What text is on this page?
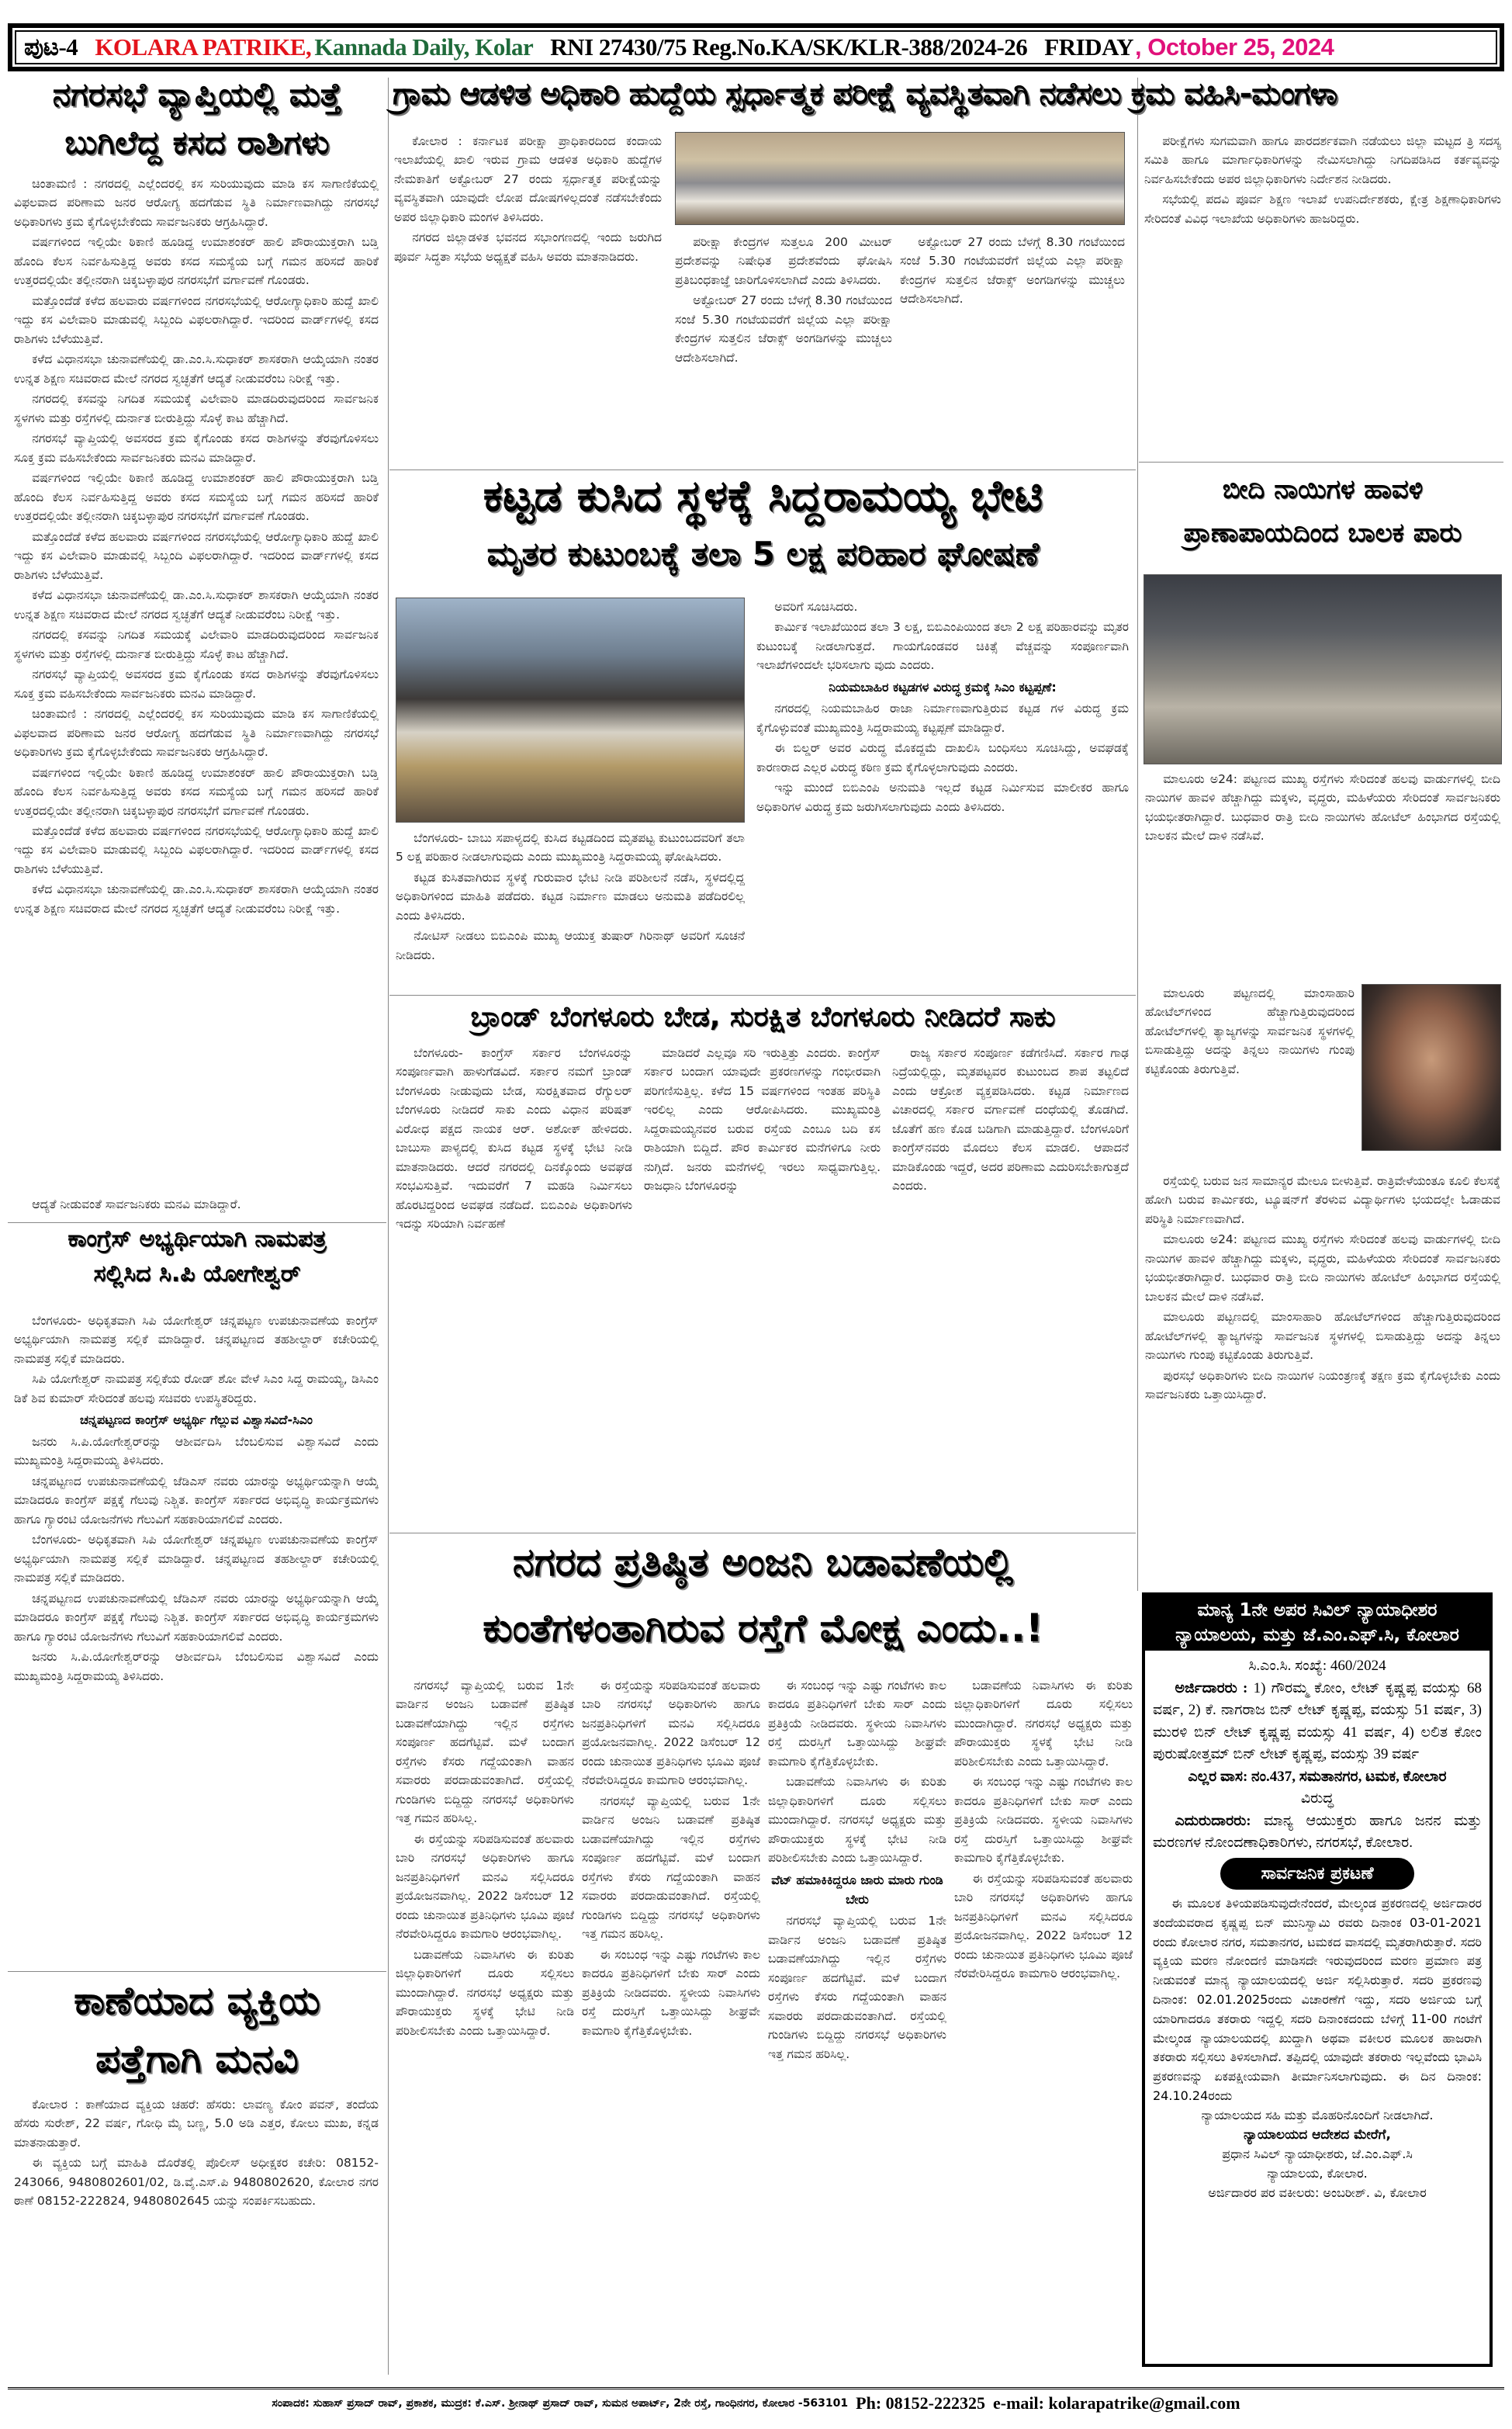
ಪುಟ-4 KOLARA PATRIKE, Kannada Daily, Kolar RNI 27430/75 Reg.No.KA/SK/KLR-388/2024-26 FRIDAY , October 25, 2024
ನಗರಸಭೆ ವ್ಯಾಪ್ತಿಯಲ್ಲಿ ಮತ್ತೆ
ಬುಗಿಲೆದ್ದ ಕಸದ ರಾಶಿಗಳು

ಚಿಂತಾಮಣಿ : ನಗರದಲ್ಲಿ ಎಲ್ಲೆಂದರಲ್ಲಿ ಕಸ ಸುರಿಯುವುದು ಮಾಡಿ ಕಸ ಸಾಗಾಣಿಕೆಯಲ್ಲಿ ವಿಫಲವಾದ ಪರಿಣಾಮ ಜನರ ಆರೋಗ್ಯ ಹದಗೆಡುವ ಸ್ಥಿತಿ ನಿರ್ಮಾಣವಾಗಿದ್ದು ನಗರಸಭೆ ಅಧಿಕಾರಿಗಳು ಕ್ರಮ ಕೈಗೊಳ್ಳಬೇಕೆಂದು ಸಾರ್ವಜನಿಕರು ಆಗ್ರಹಿಸಿದ್ದಾರೆ.

ವರ್ಷಗಳಿಂದ ಇಲ್ಲಿಯೇ ಠಿಕಾಣಿ ಹೂಡಿದ್ದ ಉಮಾಶಂಕರ್ ಹಾಲಿ ಪೌರಾಯುಕ್ತರಾಗಿ ಬಡ್ತಿ ಹೊಂದಿ ಕೆಲಸ ನಿರ್ವಹಿಸುತ್ತಿದ್ದ ಅವರು ಕಸದ ಸಮಸ್ಯೆಯ ಬಗ್ಗೆ ಗಮನ ಹರಿಸದೆ ಹಾರಿಕೆ ಉತ್ತರದಲ್ಲಿಯೇ ತಲ್ಲೀನರಾಗಿ ಚಿಕ್ಕಬಳ್ಳಾಪುರ ನಗರಸಭೆಗೆ ವರ್ಗಾವಣೆ ಗೊಂಡರು.

ಮತ್ತೊಂದೆಡೆ ಕಳೆದ ಹಲವಾರು ವರ್ಷಗಳಿಂದ ನಗರಸಭೆಯಲ್ಲಿ ಆರೋಗ್ಯಾಧಿಕಾರಿ ಹುದ್ದೆ ಖಾಲಿ ಇದ್ದು ಕಸ ವಿಲೇವಾರಿ ಮಾಡುವಲ್ಲಿ ಸಿಬ್ಬಂದಿ ವಿಫಲರಾಗಿದ್ದಾರೆ. ಇದರಿಂದ ವಾರ್ಡ್‌ಗಳಲ್ಲಿ ಕಸದ ರಾಶಿಗಳು ಬೆಳೆಯುತ್ತಿವೆ.

ಕಳೆದ ವಿಧಾನಸಭಾ ಚುನಾವಣೆಯಲ್ಲಿ ಡಾ.ಎಂ.ಸಿ.ಸುಧಾಕರ್ ಶಾಸಕರಾಗಿ ಆಯ್ಕೆಯಾಗಿ ನಂತರ ಉನ್ನತ ಶಿಕ್ಷಣ ಸಚಿವರಾದ ಮೇಲೆ ನಗರದ ಸ್ವಚ್ಛತೆಗೆ ಆದ್ಯತೆ ನೀಡುವರೆಂಬ ನಿರೀಕ್ಷೆ ಇತ್ತು.

ನಗರದಲ್ಲಿ ಕಸವನ್ನು ನಿಗದಿತ ಸಮಯಕ್ಕೆ ವಿಲೇವಾರಿ ಮಾಡದಿರುವುದರಿಂದ ಸಾರ್ವಜನಿಕ ಸ್ಥಳಗಳು ಮತ್ತು ರಸ್ತೆಗಳಲ್ಲಿ ದುರ್ನಾತ ಬೀರುತ್ತಿದ್ದು ಸೊಳ್ಳೆ ಕಾಟ ಹೆಚ್ಚಾಗಿದೆ.

ನಗರಸಭೆ ವ್ಯಾಪ್ತಿಯಲ್ಲಿ ಅವಸರದ ಕ್ರಮ ಕೈಗೊಂಡು ಕಸದ ರಾಶಿಗಳನ್ನು ತೆರವುಗೊಳಿಸಲು ಸೂಕ್ತ ಕ್ರಮ ವಹಿಸಬೇಕೆಂದು ಸಾರ್ವಜನಿಕರು ಮನವಿ ಮಾಡಿದ್ದಾರೆ.

ವರ್ಷಗಳಿಂದ ಇಲ್ಲಿಯೇ ಠಿಕಾಣಿ ಹೂಡಿದ್ದ ಉಮಾಶಂಕರ್ ಹಾಲಿ ಪೌರಾಯುಕ್ತರಾಗಿ ಬಡ್ತಿ ಹೊಂದಿ ಕೆಲಸ ನಿರ್ವಹಿಸುತ್ತಿದ್ದ ಅವರು ಕಸದ ಸಮಸ್ಯೆಯ ಬಗ್ಗೆ ಗಮನ ಹರಿಸದೆ ಹಾರಿಕೆ ಉತ್ತರದಲ್ಲಿಯೇ ತಲ್ಲೀನರಾಗಿ ಚಿಕ್ಕಬಳ್ಳಾಪುರ ನಗರಸಭೆಗೆ ವರ್ಗಾವಣೆ ಗೊಂಡರು.

ಮತ್ತೊಂದೆಡೆ ಕಳೆದ ಹಲವಾರು ವರ್ಷಗಳಿಂದ ನಗರಸಭೆಯಲ್ಲಿ ಆರೋಗ್ಯಾಧಿಕಾರಿ ಹುದ್ದೆ ಖಾಲಿ ಇದ್ದು ಕಸ ವಿಲೇವಾರಿ ಮಾಡುವಲ್ಲಿ ಸಿಬ್ಬಂದಿ ವಿಫಲರಾಗಿದ್ದಾರೆ. ಇದರಿಂದ ವಾರ್ಡ್‌ಗಳಲ್ಲಿ ಕಸದ ರಾಶಿಗಳು ಬೆಳೆಯುತ್ತಿವೆ.

ಕಳೆದ ವಿಧಾನಸಭಾ ಚುನಾವಣೆಯಲ್ಲಿ ಡಾ.ಎಂ.ಸಿ.ಸುಧಾಕರ್ ಶಾಸಕರಾಗಿ ಆಯ್ಕೆಯಾಗಿ ನಂತರ ಉನ್ನತ ಶಿಕ್ಷಣ ಸಚಿವರಾದ ಮೇಲೆ ನಗರದ ಸ್ವಚ್ಛತೆಗೆ ಆದ್ಯತೆ ನೀಡುವರೆಂಬ ನಿರೀಕ್ಷೆ ಇತ್ತು.

ನಗರದಲ್ಲಿ ಕಸವನ್ನು ನಿಗದಿತ ಸಮಯಕ್ಕೆ ವಿಲೇವಾರಿ ಮಾಡದಿರುವುದರಿಂದ ಸಾರ್ವಜನಿಕ ಸ್ಥಳಗಳು ಮತ್ತು ರಸ್ತೆಗಳಲ್ಲಿ ದುರ್ನಾತ ಬೀರುತ್ತಿದ್ದು ಸೊಳ್ಳೆ ಕಾಟ ಹೆಚ್ಚಾಗಿದೆ.

ನಗರಸಭೆ ವ್ಯಾಪ್ತಿಯಲ್ಲಿ ಅವಸರದ ಕ್ರಮ ಕೈಗೊಂಡು ಕಸದ ರಾಶಿಗಳನ್ನು ತೆರವುಗೊಳಿಸಲು ಸೂಕ್ತ ಕ್ರಮ ವಹಿಸಬೇಕೆಂದು ಸಾರ್ವಜನಿಕರು ಮನವಿ ಮಾಡಿದ್ದಾರೆ.

ಚಿಂತಾಮಣಿ : ನಗರದಲ್ಲಿ ಎಲ್ಲೆಂದರಲ್ಲಿ ಕಸ ಸುರಿಯುವುದು ಮಾಡಿ ಕಸ ಸಾಗಾಣಿಕೆಯಲ್ಲಿ ವಿಫಲವಾದ ಪರಿಣಾಮ ಜನರ ಆರೋಗ್ಯ ಹದಗೆಡುವ ಸ್ಥಿತಿ ನಿರ್ಮಾಣವಾಗಿದ್ದು ನಗರಸಭೆ ಅಧಿಕಾರಿಗಳು ಕ್ರಮ ಕೈಗೊಳ್ಳಬೇಕೆಂದು ಸಾರ್ವಜನಿಕರು ಆಗ್ರಹಿಸಿದ್ದಾರೆ.

ವರ್ಷಗಳಿಂದ ಇಲ್ಲಿಯೇ ಠಿಕಾಣಿ ಹೂಡಿದ್ದ ಉಮಾಶಂಕರ್ ಹಾಲಿ ಪೌರಾಯುಕ್ತರಾಗಿ ಬಡ್ತಿ ಹೊಂದಿ ಕೆಲಸ ನಿರ್ವಹಿಸುತ್ತಿದ್ದ ಅವರು ಕಸದ ಸಮಸ್ಯೆಯ ಬಗ್ಗೆ ಗಮನ ಹರಿಸದೆ ಹಾರಿಕೆ ಉತ್ತರದಲ್ಲಿಯೇ ತಲ್ಲೀನರಾಗಿ ಚಿಕ್ಕಬಳ್ಳಾಪುರ ನಗರಸಭೆಗೆ ವರ್ಗಾವಣೆ ಗೊಂಡರು.

ಮತ್ತೊಂದೆಡೆ ಕಳೆದ ಹಲವಾರು ವರ್ಷಗಳಿಂದ ನಗರಸಭೆಯಲ್ಲಿ ಆರೋಗ್ಯಾಧಿಕಾರಿ ಹುದ್ದೆ ಖಾಲಿ ಇದ್ದು ಕಸ ವಿಲೇವಾರಿ ಮಾಡುವಲ್ಲಿ ಸಿಬ್ಬಂದಿ ವಿಫಲರಾಗಿದ್ದಾರೆ. ಇದರಿಂದ ವಾರ್ಡ್‌ಗಳಲ್ಲಿ ಕಸದ ರಾಶಿಗಳು ಬೆಳೆಯುತ್ತಿವೆ.

ಕಳೆದ ವಿಧಾನಸಭಾ ಚುನಾವಣೆಯಲ್ಲಿ ಡಾ.ಎಂ.ಸಿ.ಸುಧಾಕರ್ ಶಾಸಕರಾಗಿ ಆಯ್ಕೆಯಾಗಿ ನಂತರ ಉನ್ನತ ಶಿಕ್ಷಣ ಸಚಿವರಾದ ಮೇಲೆ ನಗರದ ಸ್ವಚ್ಛತೆಗೆ ಆದ್ಯತೆ ನೀಡುವರೆಂಬ ನಿರೀಕ್ಷೆ ಇತ್ತು.

ಆದ್ಯತೆ ನೀಡುವಂತೆ ಸಾರ್ವಜನಿಕರು ಮನವಿ ಮಾಡಿದ್ದಾರೆ.

ಕಾಂಗ್ರೆಸ್ ಅಭ್ಯರ್ಥಿಯಾಗಿ ನಾಮಪತ್ರ
ಸಲ್ಲಿಸಿದ ಸಿ.ಪಿ ಯೋಗೇಶ್ವರ್

ಬೆಂಗಳೂರು- ಅಧಿಕೃತವಾಗಿ ಸಿಪಿ ಯೋಗೇಶ್ವರ್ ಚನ್ನಪಟ್ಟಣ ಉಪಚುನಾವಣೆಯ ಕಾಂಗ್ರೆಸ್ ಅಭ್ಯರ್ಥಿಯಾಗಿ ನಾಮಪತ್ರ ಸಲ್ಲಿಕೆ ಮಾಡಿದ್ದಾರೆ. ಚನ್ನಪಟ್ಟಣದ ತಹಶೀಲ್ದಾರ್ ಕಚೇರಿಯಲ್ಲಿ ನಾಮಪತ್ರ ಸಲ್ಲಿಕೆ ಮಾಡಿದರು.

ಸಿಪಿ ಯೋಗೇಶ್ವರ್ ನಾಮಪತ್ರ ಸಲ್ಲಿಕೆಯ ರೋಡ್ ಶೋ ವೇಳೆ ಸಿಎಂ ಸಿದ್ದ ರಾಮಯ್ಯ, ಡಿಸಿಎಂ ಡಿಕೆ ಶಿವ ಕುಮಾರ್ ಸೇರಿದಂತೆ ಹಲವು ಸಚಿವರು ಉಪಸ್ಥಿತರಿದ್ದರು.

ಚನ್ನಪಟ್ಟಣದ ಕಾಂಗ್ರೆಸ್ ಅಭ್ಯರ್ಥಿ ಗೆಲ್ಲುವ ವಿಶ್ವಾಸವಿದೆ-ಸಿಎಂ

ಜನರು ಸಿ.ಪಿ.ಯೋಗೇಶ್ವರ್‌ರನ್ನು ಆಶೀರ್ವದಿಸಿ ಬೆಂಬಲಿಸುವ ವಿಶ್ವಾಸವಿದೆ ಎಂದು ಮುಖ್ಯಮಂತ್ರಿ ಸಿದ್ದರಾಮಯ್ಯ ತಿಳಿಸಿದರು.

ಚನ್ನಪಟ್ಟಣದ ಉಪಚುನಾವಣೆಯಲ್ಲಿ ಜೆಡಿಎಸ್ ನವರು ಯಾರನ್ನು ಅಭ್ಯರ್ಥಿಯನ್ನಾಗಿ ಆಯ್ಕೆ ಮಾಡಿದರೂ ಕಾಂಗ್ರೆಸ್ ಪಕ್ಷಕ್ಕೆ ಗೆಲುವು ನಿಶ್ಚಿತ. ಕಾಂಗ್ರೆಸ್ ಸರ್ಕಾರದ ಅಭಿವೃದ್ಧಿ ಕಾರ್ಯಕ್ರಮಗಳು ಹಾಗೂ ಗ್ಯಾರಂಟಿ ಯೋಜನೆಗಳು ಗೆಲುವಿಗೆ ಸಹಕಾರಿಯಾಗಲಿವೆ ಎಂದರು.

ಬೆಂಗಳೂರು- ಅಧಿಕೃತವಾಗಿ ಸಿಪಿ ಯೋಗೇಶ್ವರ್ ಚನ್ನಪಟ್ಟಣ ಉಪಚುನಾವಣೆಯ ಕಾಂಗ್ರೆಸ್ ಅಭ್ಯರ್ಥಿಯಾಗಿ ನಾಮಪತ್ರ ಸಲ್ಲಿಕೆ ಮಾಡಿದ್ದಾರೆ. ಚನ್ನಪಟ್ಟಣದ ತಹಶೀಲ್ದಾರ್ ಕಚೇರಿಯಲ್ಲಿ ನಾಮಪತ್ರ ಸಲ್ಲಿಕೆ ಮಾಡಿದರು.

ಚನ್ನಪಟ್ಟಣದ ಉಪಚುನಾವಣೆಯಲ್ಲಿ ಜೆಡಿಎಸ್ ನವರು ಯಾರನ್ನು ಅಭ್ಯರ್ಥಿಯನ್ನಾಗಿ ಆಯ್ಕೆ ಮಾಡಿದರೂ ಕಾಂಗ್ರೆಸ್ ಪಕ್ಷಕ್ಕೆ ಗೆಲುವು ನಿಶ್ಚಿತ. ಕಾಂಗ್ರೆಸ್ ಸರ್ಕಾರದ ಅಭಿವೃದ್ಧಿ ಕಾರ್ಯಕ್ರಮಗಳು ಹಾಗೂ ಗ್ಯಾರಂಟಿ ಯೋಜನೆಗಳು ಗೆಲುವಿಗೆ ಸಹಕಾರಿಯಾಗಲಿವೆ ಎಂದರು.

ಜನರು ಸಿ.ಪಿ.ಯೋಗೇಶ್ವರ್‌ರನ್ನು ಆಶೀರ್ವದಿಸಿ ಬೆಂಬಲಿಸುವ ವಿಶ್ವಾಸವಿದೆ ಎಂದು ಮುಖ್ಯಮಂತ್ರಿ ಸಿದ್ದರಾಮಯ್ಯ ತಿಳಿಸಿದರು.

ಕಾಣೆಯಾದ ವ್ಯಕ್ತಿಯ
ಪತ್ತೆಗಾಗಿ ಮನವಿ

ಕೋಲಾರ : ಕಾಣೆಯಾದ ವ್ಯಕ್ತಿಯ ಚಹರೆ: ಹೆಸರು: ಲಾವಣ್ಯ ಕೋಂ ಪವನ್, ತಂದೆಯ ಹೆಸರು ಸುರೇಶ್, 22 ವರ್ಷ, ಗೋಧಿ ಮೈ ಬಣ್ಣ, 5.0 ಅಡಿ ಎತ್ತರ, ಕೋಲು ಮುಖ, ಕನ್ನಡ ಮಾತನಾಡುತ್ತಾರೆ.

ಈ ವ್ಯಕ್ತಿಯ ಬಗ್ಗೆ ಮಾಹಿತಿ ದೊರೆತಲ್ಲಿ ಪೊಲೀಸ್ ಅಧೀಕ್ಷಕರ ಕಚೇರಿ: 08152-243066, 9480802601/02, ಡಿ.ವೈ.ಎಸ್.ಪಿ 9480802620, ಕೋಲಾರ ನಗರ ಠಾಣೆ 08152-222824, 9480802645 ಯನ್ನು ಸಂಪರ್ಕಿಸಬಹುದು.

ಗ್ರಾಮ ಆಡಳಿತ ಅಧಿಕಾರಿ ಹುದ್ದೆಯ ಸ್ಪರ್ಧಾತ್ಮಕ ಪರೀಕ್ಷೆ ವ್ಯವಸ್ಥಿತವಾಗಿ ನಡೆಸಲು ಕ್ರಮ ವಹಿಸಿ-ಮಂಗಳಾ

ಕೋಲಾರ : ಕರ್ನಾಟಕ ಪರೀಕ್ಷಾ ಪ್ರಾಧಿಕಾರದಿಂದ ಕಂದಾಯ ಇಲಾಖೆಯಲ್ಲಿ ಖಾಲಿ ಇರುವ ಗ್ರಾಮ ಆಡಳಿತ ಅಧಿಕಾರಿ ಹುದ್ದೆಗಳ ನೇಮಕಾತಿಗೆ ಅಕ್ಟೋಬರ್ 27 ರಂದು ಸ್ಪರ್ಧಾತ್ಮಕ ಪರೀಕ್ಷೆಯನ್ನು ವ್ಯವಸ್ಥಿತವಾಗಿ ಯಾವುದೇ ಲೋಪ ದೋಷಗಳಿಲ್ಲದಂತೆ ನಡೆಸಬೇಕೆಂದು ಅಪರ ಜಿಲ್ಲಾಧಿಕಾರಿ ಮಂಗಳ ತಿಳಿಸಿದರು.

ನಗರದ ಜಿಲ್ಲಾಡಳಿತ ಭವನದ ಸಭಾಂಗಣದಲ್ಲಿ ಇಂದು ಜರುಗಿದ ಪೂರ್ವ ಸಿದ್ಧತಾ ಸಭೆಯ ಅಧ್ಯಕ್ಷತೆ ವಹಿಸಿ ಅವರು ಮಾತನಾಡಿದರು.

ಪರೀಕ್ಷಾ ಕೇಂದ್ರಗಳ ಸುತ್ತಲೂ 200 ಮೀಟರ್ ಪ್ರದೇಶವನ್ನು ನಿಷೇಧಿತ ಪ್ರದೇಶವೆಂದು ಘೋಷಿಸಿ ಪ್ರತಿಬಂಧಕಾಜ್ಞೆ ಜಾರಿಗೊಳಿಸಲಾಗಿದೆ ಎಂದು ತಿಳಿಸಿದರು.

ಅಕ್ಟೋಬರ್ 27 ರಂದು ಬೆಳಗ್ಗೆ 8.30 ಗಂಟೆಯಿಂದ ಸಂಜೆ 5.30 ಗಂಟೆಯವರೆಗೆ ಜಿಲ್ಲೆಯ ಎಲ್ಲಾ ಪರೀಕ್ಷಾ ಕೇಂದ್ರಗಳ ಸುತ್ತಲಿನ ಜೆರಾಕ್ಸ್ ಅಂಗಡಿಗಳನ್ನು ಮುಚ್ಚಲು ಆದೇಶಿಸಲಾಗಿದೆ.

ಅಕ್ಟೋಬರ್ 27 ರಂದು ಬೆಳಗ್ಗೆ 8.30 ಗಂಟೆಯಿಂದ ಸಂಜೆ 5.30 ಗಂಟೆಯವರೆಗೆ ಜಿಲ್ಲೆಯ ಎಲ್ಲಾ ಪರೀಕ್ಷಾ ಕೇಂದ್ರಗಳ ಸುತ್ತಲಿನ ಜೆರಾಕ್ಸ್ ಅಂಗಡಿಗಳನ್ನು ಮುಚ್ಚಲು ಆದೇಶಿಸಲಾಗಿದೆ.

ಪರೀಕ್ಷೆಗಳು ಸುಗಮವಾಗಿ ಹಾಗೂ ಪಾರದರ್ಶಕವಾಗಿ ನಡೆಯಲು ಜಿಲ್ಲಾ ಮಟ್ಟದ ತ್ರಿ ಸದಸ್ಯ ಸಮಿತಿ ಹಾಗೂ ಮಾರ್ಗಾಧಿಕಾರಿಗಳನ್ನು ನೇಮಿಸಲಾಗಿದ್ದು ನಿಗದಿಪಡಿಸಿದ ಕರ್ತವ್ಯವನ್ನು ನಿರ್ವಹಿಸಬೇಕೆಂದು ಅಪರ ಜಿಲ್ಲಾಧಿಕಾರಿಗಳು ನಿರ್ದೇಶನ ನೀಡಿದರು.

ಸಭೆಯಲ್ಲಿ ಪದವಿ ಪೂರ್ವ ಶಿಕ್ಷಣ ಇಲಾಖೆ ಉಪನಿರ್ದೇಶಕರು, ಕ್ಷೇತ್ರ ಶಿಕ್ಷಣಾಧಿಕಾರಿಗಳು ಸೇರಿದಂತೆ ವಿವಿಧ ಇಲಾಖೆಯ ಅಧಿಕಾರಿಗಳು ಹಾಜರಿದ್ದರು.

ಕಟ್ಟಡ ಕುಸಿದ ಸ್ಥಳಕ್ಕೆ ಸಿದ್ದರಾಮಯ್ಯ ಭೇಟಿ
ಮೃತರ ಕುಟುಂಬಕ್ಕೆ ತಲಾ 5 ಲಕ್ಷ ಪರಿಹಾರ ಘೋಷಣೆ

ಬೆಂಗಳೂರು- ಬಾಬು ಸಪಾಳ್ಯದಲ್ಲಿ ಕುಸಿದ ಕಟ್ಟಡದಿಂದ ಮೃತಪಟ್ಟ ಕುಟುಂಬದವರಿಗೆ ತಲಾ 5 ಲಕ್ಷ ಪರಿಹಾರ ನೀಡಲಾಗುವುದು ಎಂದು ಮುಖ್ಯಮಂತ್ರಿ ಸಿದ್ದರಾಮಯ್ಯ ಘೋಷಿಸಿದರು.

ಕಟ್ಟಡ ಕುಸಿತವಾಗಿರುವ ಸ್ಥಳಕ್ಕೆ ಗುರುವಾರ ಭೇಟಿ ನೀಡಿ ಪರಿಶೀಲನೆ ನಡೆಸಿ, ಸ್ಥಳದಲ್ಲಿದ್ದ ಅಧಿಕಾರಿಗಳಿಂದ ಮಾಹಿತಿ ಪಡೆದರು. ಕಟ್ಟಡ ನಿರ್ಮಾಣ ಮಾಡಲು ಅನುಮತಿ ಪಡೆದಿರಲಿಲ್ಲ ಎಂದು ತಿಳಿಸಿದರು.

ನೋಟಿಸ್ ನೀಡಲು ಬಿಬಿಎಂಪಿ ಮುಖ್ಯ ಆಯುಕ್ತ ತುಷಾರ್ ಗಿರಿನಾಥ್ ಅವರಿಗೆ ಸೂಚನೆ ನೀಡಿದರು.

ಅವರಿಗೆ ಸೂಚಿಸಿದರು.

ಕಾರ್ಮಿಕ ಇಲಾಖೆಯಿಂದ ತಲಾ 3 ಲಕ್ಷ, ಬಿಬಿಎಂಪಿಯಿಂದ ತಲಾ 2 ಲಕ್ಷ ಪರಿಹಾರವನ್ನು ಮೃತರ ಕುಟುಂಬಕ್ಕೆ ನೀಡಲಾಗುತ್ತದೆ. ಗಾಯಗೊಂಡವರ ಚಿಕಿತ್ಸೆ ವೆಚ್ಚವನ್ನು ಸಂಪೂರ್ಣವಾಗಿ ಇಲಾಖೆಗಳಿಂದಲೇ ಭರಿಸಲಾಗು ವುದು ಎಂದರು.

ನಿಯಮಬಾಹಿರ ಕಟ್ಟಡಗಳ ವಿರುದ್ಧ ಕ್ರಮಕ್ಕೆ ಸಿಎಂ ಕಟ್ಟಪ್ಪಣೆ:

ನಗರದಲ್ಲಿ ನಿಯಮಬಾಹಿರ ರಾಜಾ ನಿರ್ಮಾಣವಾಗುತ್ತಿರುವ ಕಟ್ಟಡ ಗಳ ವಿರುದ್ಧ ಕ್ರಮ ಕೈಗೊಳ್ಳುವಂತೆ ಮುಖ್ಯಮಂತ್ರಿ ಸಿದ್ದರಾಮಯ್ಯ ಕಟ್ಟಪ್ಪಣೆ ಮಾಡಿದ್ದಾರೆ.

ಈ ಬಿಲ್ಡರ್ ಅವರ ವಿರುದ್ಧ ಮೊಕದ್ದಮೆ ದಾಖಲಿಸಿ ಬಂಧಿಸಲು ಸೂಚಿಸಿದ್ದು, ಅವಘಡಕ್ಕೆ ಕಾರಣರಾದ ಎಲ್ಲರ ವಿರುದ್ಧ ಕಠಿಣ ಕ್ರಮ ಕೈಗೊಳ್ಳಲಾಗುವುದು ಎಂದರು.

ಇನ್ನು ಮುಂದೆ ಬಿಬಿಎಂಪಿ ಅನುಮತಿ ಇಲ್ಲದೆ ಕಟ್ಟಡ ನಿರ್ಮಿಸುವ ಮಾಲೀಕರ ಹಾಗೂ ಅಧಿಕಾರಿಗಳ ವಿರುದ್ಧ ಕ್ರಮ ಜರುಗಿಸಲಾಗುವುದು ಎಂದು ತಿಳಿಸಿದರು.

ಬ್ರಾಂಡ್ ಬೆಂಗಳೂರು ಬೇಡ, ಸುರಕ್ಷಿತ ಬೆಂಗಳೂರು ನೀಡಿದರೆ ಸಾಕು

ಬೆಂಗಳೂರು- ಕಾಂಗ್ರೆಸ್ ಸರ್ಕಾರ ಬೆಂಗಳೂರನ್ನು ಸಂಪೂರ್ಣವಾಗಿ ಹಾಳುಗೆಡವಿದೆ. ಸರ್ಕಾರ ನಮಗೆ ಬ್ರಾಂಡ್ ಬೆಂಗಳೂರು ನೀಡುವುದು ಬೇಡ, ಸುರಕ್ಷಿತವಾದ ರೆಗ್ಯುಲರ್ ಬೆಂಗಳೂರು ನೀಡಿದರೆ ಸಾಕು ಎಂದು ವಿಧಾನ ಪರಿಷತ್ ವಿರೋಧ ಪಕ್ಷದ ನಾಯಕ ಆರ್. ಅಶೋಕ್ ಹೇಳಿದರು. ಬಾಬುಸಾ ಪಾಳ್ಯದಲ್ಲಿ ಕುಸಿದ ಕಟ್ಟಡ ಸ್ಥಳಕ್ಕೆ ಭೇಟಿ ನೀಡಿ ಮಾತನಾಡಿದರು. ಆದರೆ ನಗರದಲ್ಲಿ ದಿನಕ್ಕೊಂದು ಅವಘಡ ಸಂಭವಿಸುತ್ತಿವೆ. ಇದುವರೆಗೆ 7 ಮಹಡಿ ನಿರ್ಮಿಸಲು ಹೊರಟಿದ್ದರಿಂದ ಅವಘಡ ನಡೆದಿದೆ. ಬಿಬಿಎಂಪಿ ಅಧಿಕಾರಿಗಳು ಇದನ್ನು ಸರಿಯಾಗಿ ನಿರ್ವಹಣೆ

ಮಾಡಿದರೆ ಎಲ್ಲವೂ ಸರಿ ಇರುತ್ತಿತ್ತು ಎಂದರು. ಕಾಂಗ್ರೆಸ್ ಸರ್ಕಾರ ಬಂದಾಗ ಯಾವುದೇ ಪ್ರಕರಣಗಳನ್ನು ಗಂಭೀರವಾಗಿ ಪರಿಗಣಿಸುತ್ತಿಲ್ಲ. ಕಳೆದ 15 ವರ್ಷಗಳಿಂದ ಇಂತಹ ಪರಿಸ್ಥಿತಿ ಇರಲಿಲ್ಲ ಎಂದು ಆರೋಪಿಸಿದರು. ಮುಖ್ಯಮಂತ್ರಿ ಸಿದ್ದರಾಮಯ್ಯನವರ ಬರುವ ರಸ್ತೆಯ ಎಂಬೂ ಬದಿ ಕಸ ರಾಶಿಯಾಗಿ ಬಿದ್ದಿದೆ. ಪೌರ ಕಾರ್ಮಿಕರ ಮನೆಗಳಿಗೂ ನೀರು ನುಗ್ಗಿದೆ. ಜನರು ಮನೆಗಳಲ್ಲಿ ಇರಲು ಸಾಧ್ಯವಾಗುತ್ತಿಲ್ಲ. ರಾಜಧಾನಿ ಬೆಂಗಳೂರನ್ನು

ರಾಜ್ಯ ಸರ್ಕಾರ ಸಂಪೂರ್ಣ ಕಡೆಗಣಿಸಿದೆ. ಸರ್ಕಾರ ಗಾಢ ನಿದ್ರೆಯಲ್ಲಿದ್ದು, ಮೃತಪಟ್ಟವರ ಕುಟುಂಬದ ಶಾಪ ತಟ್ಟಲಿದೆ ಎಂದು ಆಕ್ರೋಶ ವ್ಯಕ್ತಪಡಿಸಿದರು. ಕಟ್ಟಡ ನಿರ್ಮಾಣದ ವಿಚಾರದಲ್ಲಿ ಸರ್ಕಾರ ವರ್ಗಾವಣೆ ದಂಧೆಯಲ್ಲಿ ತೊಡಗಿದೆ. ಜೊತೆಗೆ ಹಣ ಕೊಡ ಬಡಿಗಾಗಿ ಮಾಡುತ್ತಿದ್ದಾರೆ. ಬೆಂಗಳೂರಿಗೆ ಕಾಂಗ್ರೆಸ್‌ನವರು ಮೊದಲು ಕೆಲಸ ಮಾಡಲಿ. ಆಪಾದನೆ ಮಾಡಿಕೊಂಡು ಇದ್ದರೆ, ಅದರ ಪರಿಣಾಮ ಎದುರಿಸಬೇಕಾಗುತ್ತದೆ ಎಂದರು.

ನಗರದ ಪ್ರತಿಷ್ಠಿತ ಅಂಜನಿ ಬಡಾವಣೆಯಲ್ಲಿ
ಕುಂತೆಗಳಂತಾಗಿರುವ ರಸ್ತೆಗೆ ಮೋಕ್ಷ ಎಂದು..!

ನಗರಸಭೆ ವ್ಯಾಪ್ತಿಯಲ್ಲಿ ಬರುವ 1ನೇ ವಾರ್ಡಿನ ಅಂಜನಿ ಬಡಾವಣೆ ಪ್ರತಿಷ್ಠಿತ ಬಡಾವಣೆಯಾಗಿದ್ದು ಇಲ್ಲಿನ ರಸ್ತೆಗಳು ಸಂಪೂರ್ಣ ಹದಗೆಟ್ಟಿವೆ. ಮಳೆ ಬಂದಾಗ ರಸ್ತೆಗಳು ಕೆಸರು ಗದ್ದೆಯಂತಾಗಿ ವಾಹನ ಸವಾರರು ಪರದಾಡುವಂತಾಗಿದೆ. ರಸ್ತೆಯಲ್ಲಿ ಗುಂಡಿಗಳು ಬಿದ್ದಿದ್ದು ನಗರಸಭೆ ಅಧಿಕಾರಿಗಳು ಇತ್ತ ಗಮನ ಹರಿಸಿಲ್ಲ.

ಈ ರಸ್ತೆಯನ್ನು ಸರಿಪಡಿಸುವಂತೆ ಹಲವಾರು ಬಾರಿ ನಗರಸಭೆ ಅಧಿಕಾರಿಗಳು ಹಾಗೂ ಜನಪ್ರತಿನಿಧಿಗಳಿಗೆ ಮನವಿ ಸಲ್ಲಿಸಿದರೂ ಪ್ರಯೋಜನವಾಗಿಲ್ಲ. 2022 ಡಿಸೆಂಬರ್ 12 ರಂದು ಚುನಾಯಿತ ಪ್ರತಿನಿಧಿಗಳು ಭೂಮಿ ಪೂಜೆ ನೆರವೇರಿಸಿದ್ದರೂ ಕಾಮಗಾರಿ ಆರಂಭವಾಗಿಲ್ಲ.

ಬಡಾವಣೆಯ ನಿವಾಸಿಗಳು ಈ ಕುರಿತು ಜಿಲ್ಲಾಧಿಕಾರಿಗಳಿಗೆ ದೂರು ಸಲ್ಲಿಸಲು ಮುಂದಾಗಿದ್ದಾರೆ. ನಗರಸಭೆ ಅಧ್ಯಕ್ಷರು ಮತ್ತು ಪೌರಾಯುಕ್ತರು ಸ್ಥಳಕ್ಕೆ ಭೇಟಿ ನೀಡಿ ಪರಿಶೀಲಿಸಬೇಕು ಎಂದು ಒತ್ತಾಯಿಸಿದ್ದಾರೆ.

ಈ ರಸ್ತೆಯನ್ನು ಸರಿಪಡಿಸುವಂತೆ ಹಲವಾರು ಬಾರಿ ನಗರಸಭೆ ಅಧಿಕಾರಿಗಳು ಹಾಗೂ ಜನಪ್ರತಿನಿಧಿಗಳಿಗೆ ಮನವಿ ಸಲ್ಲಿಸಿದರೂ ಪ್ರಯೋಜನವಾಗಿಲ್ಲ. 2022 ಡಿಸೆಂಬರ್ 12 ರಂದು ಚುನಾಯಿತ ಪ್ರತಿನಿಧಿಗಳು ಭೂಮಿ ಪೂಜೆ ನೆರವೇರಿಸಿದ್ದರೂ ಕಾಮಗಾರಿ ಆರಂಭವಾಗಿಲ್ಲ.

ನಗರಸಭೆ ವ್ಯಾಪ್ತಿಯಲ್ಲಿ ಬರುವ 1ನೇ ವಾರ್ಡಿನ ಅಂಜನಿ ಬಡಾವಣೆ ಪ್ರತಿಷ್ಠಿತ ಬಡಾವಣೆಯಾಗಿದ್ದು ಇಲ್ಲಿನ ರಸ್ತೆಗಳು ಸಂಪೂರ್ಣ ಹದಗೆಟ್ಟಿವೆ. ಮಳೆ ಬಂದಾಗ ರಸ್ತೆಗಳು ಕೆಸರು ಗದ್ದೆಯಂತಾಗಿ ವಾಹನ ಸವಾರರು ಪರದಾಡುವಂತಾಗಿದೆ. ರಸ್ತೆಯಲ್ಲಿ ಗುಂಡಿಗಳು ಬಿದ್ದಿದ್ದು ನಗರಸಭೆ ಅಧಿಕಾರಿಗಳು ಇತ್ತ ಗಮನ ಹರಿಸಿಲ್ಲ.

ಈ ಸಂಬಂಧ ಇನ್ನು ಎಷ್ಟು ಗಂಟೆಗಳು ಕಾಲ ಕಾದರೂ ಪ್ರತಿನಿಧಿಗಳಿಗೆ ಬೇಕು ಸಾರ್ ಎಂದು ಪ್ರತಿಕ್ರಿಯೆ ನೀಡಿದವರು. ಸ್ಥಳೀಯ ನಿವಾಸಿಗಳು ರಸ್ತೆ ದುರಸ್ತಿಗೆ ಒತ್ತಾಯಿಸಿದ್ದು ಶೀಘ್ರವೇ ಕಾಮಗಾರಿ ಕೈಗೆತ್ತಿಕೊಳ್ಳಬೇಕು.

ಈ ಸಂಬಂಧ ಇನ್ನು ಎಷ್ಟು ಗಂಟೆಗಳು ಕಾಲ ಕಾದರೂ ಪ್ರತಿನಿಧಿಗಳಿಗೆ ಬೇಕು ಸಾರ್ ಎಂದು ಪ್ರತಿಕ್ರಿಯೆ ನೀಡಿದವರು. ಸ್ಥಳೀಯ ನಿವಾಸಿಗಳು ರಸ್ತೆ ದುರಸ್ತಿಗೆ ಒತ್ತಾಯಿಸಿದ್ದು ಶೀಘ್ರವೇ ಕಾಮಗಾರಿ ಕೈಗೆತ್ತಿಕೊಳ್ಳಬೇಕು.

ಬಡಾವಣೆಯ ನಿವಾಸಿಗಳು ಈ ಕುರಿತು ಜಿಲ್ಲಾಧಿಕಾರಿಗಳಿಗೆ ದೂರು ಸಲ್ಲಿಸಲು ಮುಂದಾಗಿದ್ದಾರೆ. ನಗರಸಭೆ ಅಧ್ಯಕ್ಷರು ಮತ್ತು ಪೌರಾಯುಕ್ತರು ಸ್ಥಳಕ್ಕೆ ಭೇಟಿ ನೀಡಿ ಪರಿಶೀಲಿಸಬೇಕು ಎಂದು ಒತ್ತಾಯಿಸಿದ್ದಾರೆ.

ವೆಟ್ ಹಮಾಕಿಕಿದ್ದರೂ ಜಾರು ಮಾರು ಗುಂಡಿ ಬೇರು

ನಗರಸಭೆ ವ್ಯಾಪ್ತಿಯಲ್ಲಿ ಬರುವ 1ನೇ ವಾರ್ಡಿನ ಅಂಜನಿ ಬಡಾವಣೆ ಪ್ರತಿಷ್ಠಿತ ಬಡಾವಣೆಯಾಗಿದ್ದು ಇಲ್ಲಿನ ರಸ್ತೆಗಳು ಸಂಪೂರ್ಣ ಹದಗೆಟ್ಟಿವೆ. ಮಳೆ ಬಂದಾಗ ರಸ್ತೆಗಳು ಕೆಸರು ಗದ್ದೆಯಂತಾಗಿ ವಾಹನ ಸವಾರರು ಪರದಾಡುವಂತಾಗಿದೆ. ರಸ್ತೆಯಲ್ಲಿ ಗುಂಡಿಗಳು ಬಿದ್ದಿದ್ದು ನಗರಸಭೆ ಅಧಿಕಾರಿಗಳು ಇತ್ತ ಗಮನ ಹರಿಸಿಲ್ಲ.

ಬಡಾವಣೆಯ ನಿವಾಸಿಗಳು ಈ ಕುರಿತು ಜಿಲ್ಲಾಧಿಕಾರಿಗಳಿಗೆ ದೂರು ಸಲ್ಲಿಸಲು ಮುಂದಾಗಿದ್ದಾರೆ. ನಗರಸಭೆ ಅಧ್ಯಕ್ಷರು ಮತ್ತು ಪೌರಾಯುಕ್ತರು ಸ್ಥಳಕ್ಕೆ ಭೇಟಿ ನೀಡಿ ಪರಿಶೀಲಿಸಬೇಕು ಎಂದು ಒತ್ತಾಯಿಸಿದ್ದಾರೆ.

ಈ ಸಂಬಂಧ ಇನ್ನು ಎಷ್ಟು ಗಂಟೆಗಳು ಕಾಲ ಕಾದರೂ ಪ್ರತಿನಿಧಿಗಳಿಗೆ ಬೇಕು ಸಾರ್ ಎಂದು ಪ್ರತಿಕ್ರಿಯೆ ನೀಡಿದವರು. ಸ್ಥಳೀಯ ನಿವಾಸಿಗಳು ರಸ್ತೆ ದುರಸ್ತಿಗೆ ಒತ್ತಾಯಿಸಿದ್ದು ಶೀಘ್ರವೇ ಕಾಮಗಾರಿ ಕೈಗೆತ್ತಿಕೊಳ್ಳಬೇಕು.

ಈ ರಸ್ತೆಯನ್ನು ಸರಿಪಡಿಸುವಂತೆ ಹಲವಾರು ಬಾರಿ ನಗರಸಭೆ ಅಧಿಕಾರಿಗಳು ಹಾಗೂ ಜನಪ್ರತಿನಿಧಿಗಳಿಗೆ ಮನವಿ ಸಲ್ಲಿಸಿದರೂ ಪ್ರಯೋಜನವಾಗಿಲ್ಲ. 2022 ಡಿಸೆಂಬರ್ 12 ರಂದು ಚುನಾಯಿತ ಪ್ರತಿನಿಧಿಗಳು ಭೂಮಿ ಪೂಜೆ ನೆರವೇರಿಸಿದ್ದರೂ ಕಾಮಗಾರಿ ಆರಂಭವಾಗಿಲ್ಲ.

ಬೀದಿ ನಾಯಿಗಳ ಹಾವಳಿ
ಪ್ರಾಣಾಪಾಯದಿಂದ ಬಾಲಕ ಪಾರು

ಮಾಲೂರು ಅ24: ಪಟ್ಟಣದ ಮುಖ್ಯ ರಸ್ತೆಗಳು ಸೇರಿದಂತೆ ಹಲವು ವಾರ್ಡುಗಳಲ್ಲಿ ಬೀದಿ ನಾಯಿಗಳ ಹಾವಳಿ ಹೆಚ್ಚಾಗಿದ್ದು ಮಕ್ಕಳು, ವೃದ್ಧರು, ಮಹಿಳೆಯರು ಸೇರಿದಂತೆ ಸಾರ್ವಜನಿಕರು ಭಯಭೀತರಾಗಿದ್ದಾರೆ. ಬುಧವಾರ ರಾತ್ರಿ ಬೀದಿ ನಾಯಿಗಳು ಹೋಟೆಲ್ ಹಿಂಭಾಗದ ರಸ್ತೆಯಲ್ಲಿ ಬಾಲಕನ ಮೇಲೆ ದಾಳಿ ನಡೆಸಿವೆ.

ಮಾಲೂರು ಪಟ್ಟಣದಲ್ಲಿ ಮಾಂಸಾಹಾರಿ ಹೋಟೆಲ್‌ಗಳಿಂದ ಹೆಚ್ಚಾಗುತ್ತಿರುವುದರಿಂದ ಹೋಟೆಲ್‌ಗಳಲ್ಲಿ ತ್ಯಾಜ್ಯಗಳನ್ನು ಸಾರ್ವಜನಿಕ ಸ್ಥಳಗಳಲ್ಲಿ ಬಿಸಾಡುತ್ತಿದ್ದು ಅದನ್ನು ತಿನ್ನಲು ನಾಯಿಗಳು ಗುಂಪು ಕಟ್ಟಿಕೊಂಡು ತಿರುಗುತ್ತಿವೆ.

ರಸ್ತೆಯಲ್ಲಿ ಬರುವ ಜನ ಸಾಮಾನ್ಯರ ಮೇಲೂ ಬೀಳುತ್ತಿವೆ. ರಾತ್ರಿವೇಳೆಯಂತೂ ಕೂಲಿ ಕೆಲಸಕ್ಕೆ ಹೋಗಿ ಬರುವ ಕಾರ್ಮಿಕರು, ಟ್ಯೂಷನ್‌ಗೆ ತೆರಳುವ ವಿದ್ಯಾರ್ಥಿಗಳು ಭಯದಲ್ಲೇ ಓಡಾಡುವ ಪರಿಸ್ಥಿತಿ ನಿರ್ಮಾಣವಾಗಿದೆ.

ಮಾಲೂರು ಅ24: ಪಟ್ಟಣದ ಮುಖ್ಯ ರಸ್ತೆಗಳು ಸೇರಿದಂತೆ ಹಲವು ವಾರ್ಡುಗಳಲ್ಲಿ ಬೀದಿ ನಾಯಿಗಳ ಹಾವಳಿ ಹೆಚ್ಚಾಗಿದ್ದು ಮಕ್ಕಳು, ವೃದ್ಧರು, ಮಹಿಳೆಯರು ಸೇರಿದಂತೆ ಸಾರ್ವಜನಿಕರು ಭಯಭೀತರಾಗಿದ್ದಾರೆ. ಬುಧವಾರ ರಾತ್ರಿ ಬೀದಿ ನಾಯಿಗಳು ಹೋಟೆಲ್ ಹಿಂಭಾಗದ ರಸ್ತೆಯಲ್ಲಿ ಬಾಲಕನ ಮೇಲೆ ದಾಳಿ ನಡೆಸಿವೆ.

ಮಾಲೂರು ಪಟ್ಟಣದಲ್ಲಿ ಮಾಂಸಾಹಾರಿ ಹೋಟೆಲ್‌ಗಳಿಂದ ಹೆಚ್ಚಾಗುತ್ತಿರುವುದರಿಂದ ಹೋಟೆಲ್‌ಗಳಲ್ಲಿ ತ್ಯಾಜ್ಯಗಳನ್ನು ಸಾರ್ವಜನಿಕ ಸ್ಥಳಗಳಲ್ಲಿ ಬಿಸಾಡುತ್ತಿದ್ದು ಅದನ್ನು ತಿನ್ನಲು ನಾಯಿಗಳು ಗುಂಪು ಕಟ್ಟಿಕೊಂಡು ತಿರುಗುತ್ತಿವೆ.

ಪುರಸಭೆ ಅಧಿಕಾರಿಗಳು ಬೀದಿ ನಾಯಿಗಳ ನಿಯಂತ್ರಣಕ್ಕೆ ತಕ್ಷಣ ಕ್ರಮ ಕೈಗೊಳ್ಳಬೇಕು ಎಂದು ಸಾರ್ವಜನಿಕರು ಒತ್ತಾಯಿಸಿದ್ದಾರೆ.

ಮಾನ್ಯ 1ನೇ ಅಪರ ಸಿವಿಲ್ ನ್ಯಾಯಾಧೀಶರ
ನ್ಯಾಯಾಲಯ, ಮತ್ತು ಜೆ.ಎಂ.ಎಫ್.ಸಿ, ಕೋಲಾರ
ಸಿ.ಎಂ.ಸಿ. ಸಂಖ್ಯೆ: 460/2024
ಅರ್ಜಿದಾರರು : 1) ಗೌರಮ್ಮ ಕೋಂ, ಲೇಟ್ ಕೃಷ್ಣಪ್ಪ ವಯಸ್ಸು 68 ವರ್ಷ, 2) ಕೆ. ನಾಗರಾಜ ಬಿನ್ ಲೇಟ್ ಕೃಷ್ಣಪ್ಪ, ವಯಸ್ಸು 51 ವರ್ಷ, 3) ಮುರಳಿ ಬಿನ್ ಲೇಟ್ ಕೃಷ್ಣಪ್ಪ ವಯಸ್ಸು 41 ವರ್ಷ, 4) ಲಲಿತ ಕೋಂ ಪುರುಷೋತ್ತಮ್ ಬಿನ್ ಲೇಟ್ ಕೃಷ್ಣಪ್ಪ, ವಯಸ್ಸು 39 ವರ್ಷ
ಎಲ್ಲರ ವಾಸ: ನಂ.437, ಸಮತಾನಗರ, ಟಮಕ, ಕೋಲಾರ
ವಿರುದ್ಧ
ಎದುರುದಾರರು: ಮಾನ್ಯ ಆಯುಕ್ತರು ಹಾಗೂ ಜನನ ಮತ್ತು ಮರಣಗಳ ನೋಂದಣಾಧಿಕಾರಿಗಳು, ನಗರಸಭೆ, ಕೋಲಾರ.
ಸಾರ್ವಜನಿಕ ಪ್ರಕಟಣೆ
ಈ ಮೂಲಕ ತಿಳಿಯಪಡಿಸುವುದೇನೆಂದರೆ, ಮೇಲ್ಕಂಡ ಪ್ರಕರಣದಲ್ಲಿ ಅರ್ಜಿದಾರರ ತಂದೆಯವರಾದ ಕೃಷ್ಣಪ್ಪ ಬಿನ್ ಮುನಿಸ್ವಾಮಿ ರವರು ದಿನಾಂಕ 03-01-2021 ರಂದು ಕೋಲಾರ ನಗರ, ಸಮತಾನಗರ, ಟಮಕದ ವಾಸದಲ್ಲಿ ಮೃತರಾಗಿರುತ್ತಾರೆ. ಸದರಿ ವ್ಯಕ್ತಿಯ ಮರಣ ನೋಂದಣಿ ಮಾಡಿಸದೇ ಇರುವುದರಿಂದ ಮರಣ ಪ್ರಮಾಣ ಪತ್ರ ನೀಡುವಂತೆ ಮಾನ್ಯ ನ್ಯಾಯಾಲಯದಲ್ಲಿ ಅರ್ಜಿ ಸಲ್ಲಿಸಿರುತ್ತಾರೆ. ಸದರಿ ಪ್ರಕರಣವು ದಿನಾಂಕ: 02.01.2025ರಂದು ವಿಚಾರಣೆಗೆ ಇದ್ದು, ಸದರಿ ಅರ್ಜಿಯ ಬಗ್ಗೆ ಯಾರಿಗಾದರೂ ತಕರಾರು ಇದ್ದಲ್ಲಿ ಸದರಿ ದಿನಾಂಕದಂದು ಬೆಳಿಗ್ಗೆ 11-00 ಗಂಟೆಗೆ ಮೇಲ್ಕಂಡ ನ್ಯಾಯಾಲಯದಲ್ಲಿ ಖುದ್ದಾಗಿ ಅಥವಾ ವಕೀಲರ ಮೂಲಕ ಹಾಜರಾಗಿ ತಕರಾರು ಸಲ್ಲಿಸಲು ತಿಳಿಸಲಾಗಿದೆ. ತಪ್ಪಿದಲ್ಲಿ ಯಾವುದೇ ತಕರಾರು ಇಲ್ಲವೆಂದು ಭಾವಿಸಿ ಪ್ರಕರಣವನ್ನು ಏಕಪಕ್ಷೀಯವಾಗಿ ತೀರ್ಮಾನಿಸಲಾಗುವುದು. ಈ ದಿನ ದಿನಾಂಕ: 24.10.24ರಂದು
ನ್ಯಾಯಾಲಯದ ಸಹಿ ಮತ್ತು ಮೊಹರಿನೊಂದಿಗೆ ನೀಡಲಾಗಿದೆ.
ನ್ಯಾಯಾಲಯದ ಆದೇಶದ ಮೇರೆಗೆ,
ಪ್ರಧಾನ ಸಿವಿಲ್ ನ್ಯಾಯಾಧೀಶರು, ಜೆ.ಎಂ.ಎಫ್.ಸಿ
ನ್ಯಾಯಾಲಯ, ಕೋಲಾರ.
ಅರ್ಜಿದಾರರ ಪರ ವಕೀಲರು: ಅಂಬರೀಶ್. ವಿ, ಕೋಲಾರ
ಸಂಪಾದಕ: ಸುಹಾಸ್ ಪ್ರಸಾದ್ ರಾವ್, ಪ್ರಕಾಶಕ, ಮುದ್ರಕ: ಕೆ.ಎಸ್. ಶ್ರೀನಾಥ್ ಪ್ರಸಾದ್ ರಾವ್, ಸುಮನ ಅಪಾರ್ಟ್, 2ನೇ ರಸ್ತೆ, ಗಾಂಧಿನಗರ, ಕೋಲಾರ -563101 Ph: 08152-222325 e-mail: kolarapatrike@gmail.com
